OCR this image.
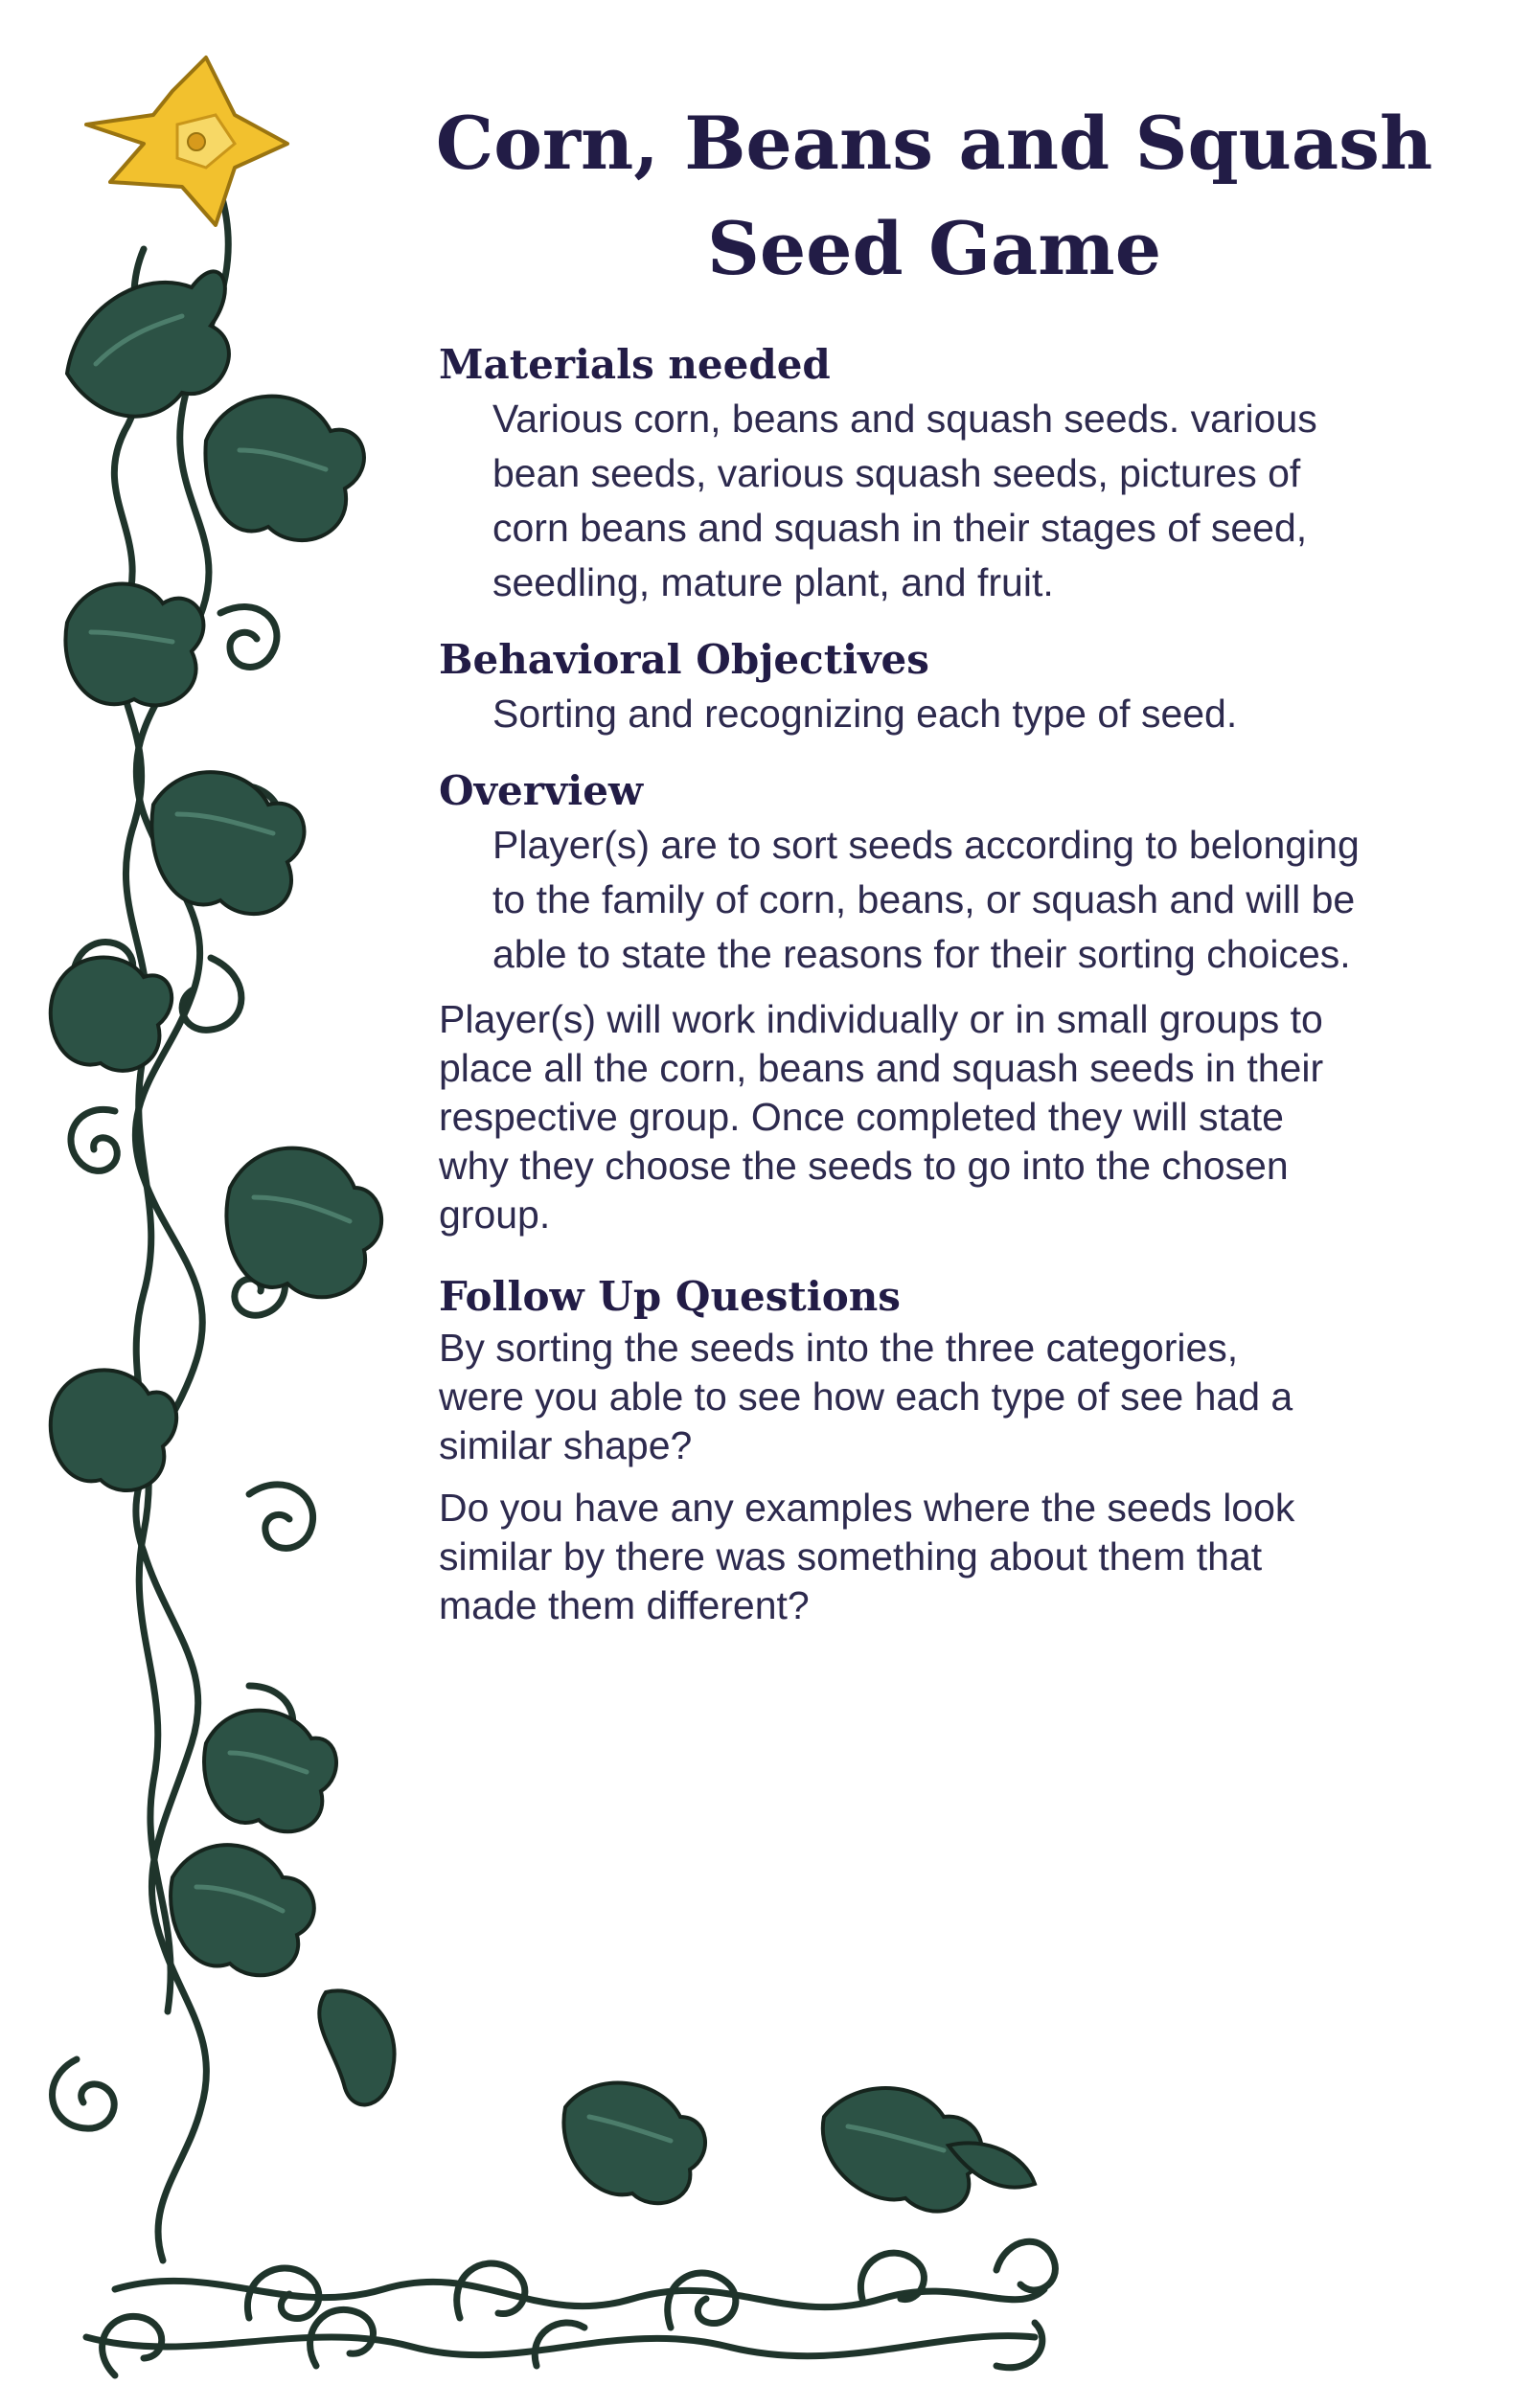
Corn, Beans and Squash
Seed Game

Materials needed

Various corn, beans and squash seeds. various

bean seeds, various squash seeds, pictures of

corn beans and squash in their stages of seed,

seedling, mature plant, and fruit.

Behavioral Objectives

Sorting and recognizing each type of seed.

Overview

Player(s) are to sort seeds according to belonging

to the family of corn, beans, or squash and will be

able to state the reasons for their sorting choices.

Player(s) will work individually or in small groups to

place all the corn, beans and squash seeds in their

respective group. Once completed they will state

why they choose the seeds to go into the chosen

group.

Follow Up Questions

By sorting the seeds into the three categories,

were you able to see how each type of see had a

similar shape?

Do you have any examples where the seeds look

similar by there was something about them that

made them different?
